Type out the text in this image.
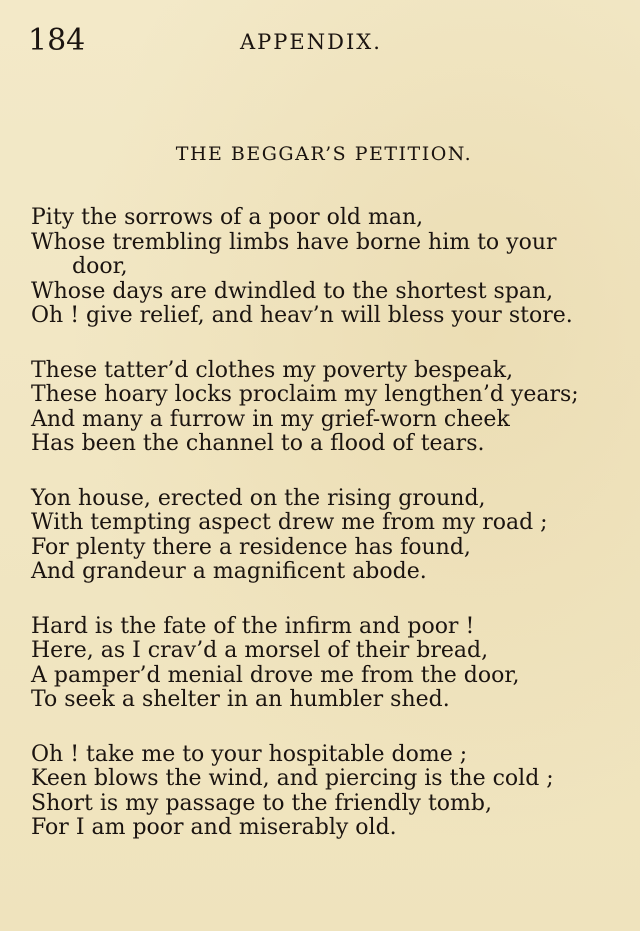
184	APPENDIX.
THE BEGGAR’S PETITION.
Pity the sorrows of a poor old man,
Whose trembling limbs have borne him to your
door,
Whose days are dwindled to the shortest span,
Oh ! give relief, and heav’n will bless your store.
These tatter’d clothes my poverty bespeak,
These hoary locks proclaim my lengthen’d years;
And many a furrow in my grief-worn cheek
Has been the channel to a flood of tears.
Yon house, erected on the rising ground,
With tempting aspect drew me from my road ;
For plenty there a residence has found,
And grandeur a magnificent abode.
Hard is the fate of the infirm and poor !
Here, as I crav’d a morsel of their bread,
A pamper’d menial drove me from the door,
To seek a shelter in an humbler shed.
Oh ! take me to your hospitable dome ;
Keen blows the wind, and piercing is the cold ;
Short is my passage to the friendly tomb,
For I am poor and miserably old.
